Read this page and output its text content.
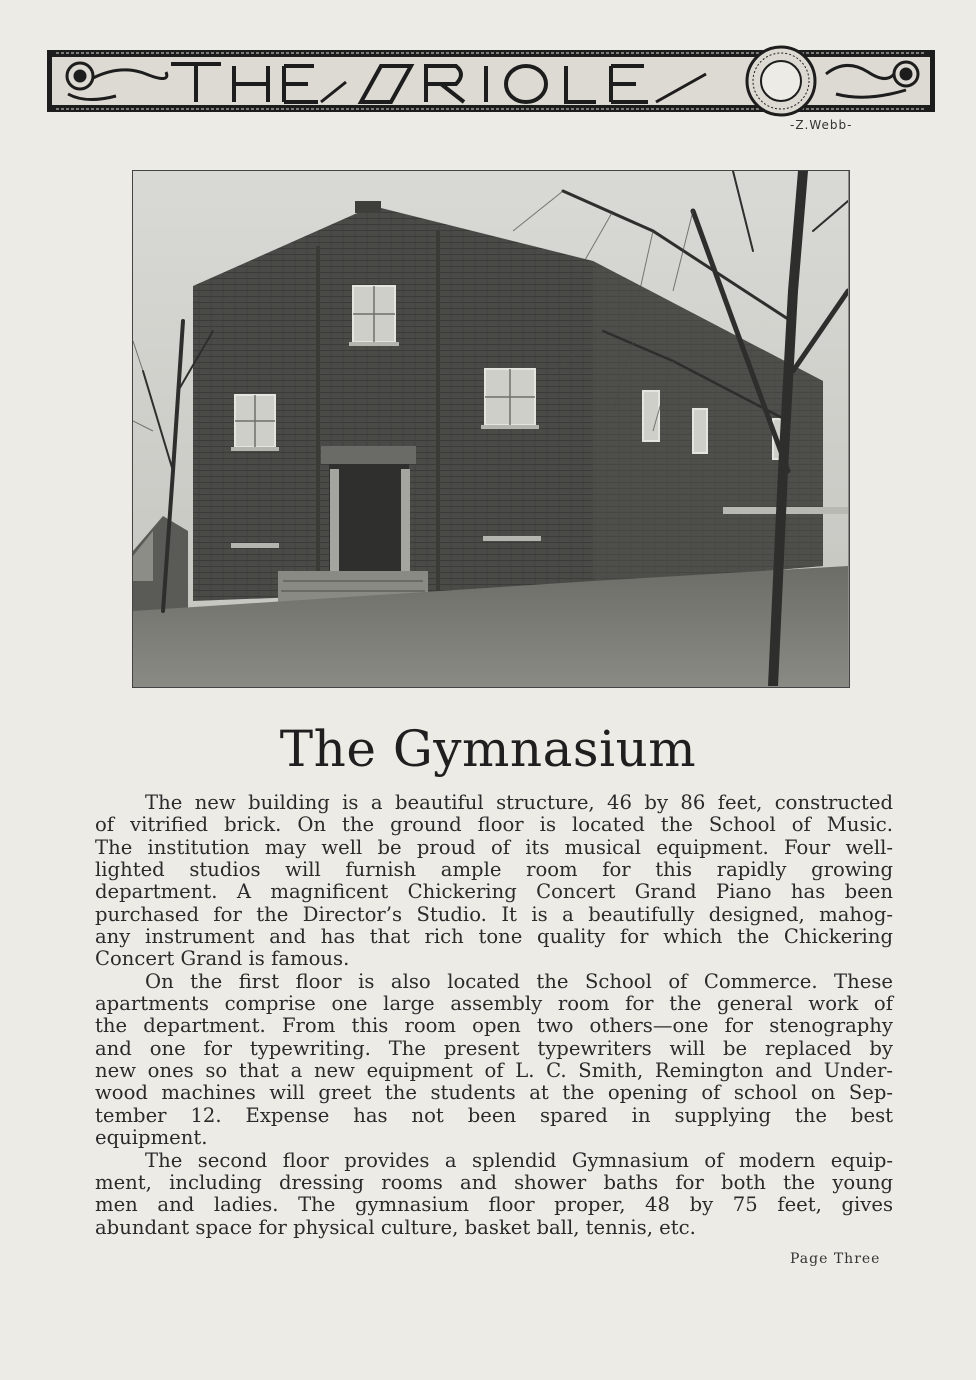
-Z.Webb-
The Gymnasium
The new building is a beautiful structure, 46 by 86 feet, constructed
of vitrified brick. On the ground floor is located the School of Music.
The institution may well be proud of its musical equipment. Four well-
lighted studios will furnish ample room for this rapidly growing
department. A magnificent Chickering Concert Grand Piano has been
purchased for the Director’s Studio. It is a beautifully designed, mahog-
any instrument and has that rich tone quality for which the Chickering
Concert Grand is famous.
On the first floor is also located the School of Commerce. These
apartments comprise one large assembly room for the general work of
the department. From this room open two others—one for stenography
and one for typewriting. The present typewriters will be replaced by
new ones so that a new equipment of L. C. Smith, Remington and Under-
wood machines will greet the students at the opening of school on Sep-
tember 12. Expense has not been spared in supplying the best
equipment.
The second floor provides a splendid Gymnasium of modern equip-
ment, including dressing rooms and shower baths for both the young
men and ladies. The gymnasium floor proper, 48 by 75 feet, gives
abundant space for physical culture, basket ball, tennis, etc.
Page Three
